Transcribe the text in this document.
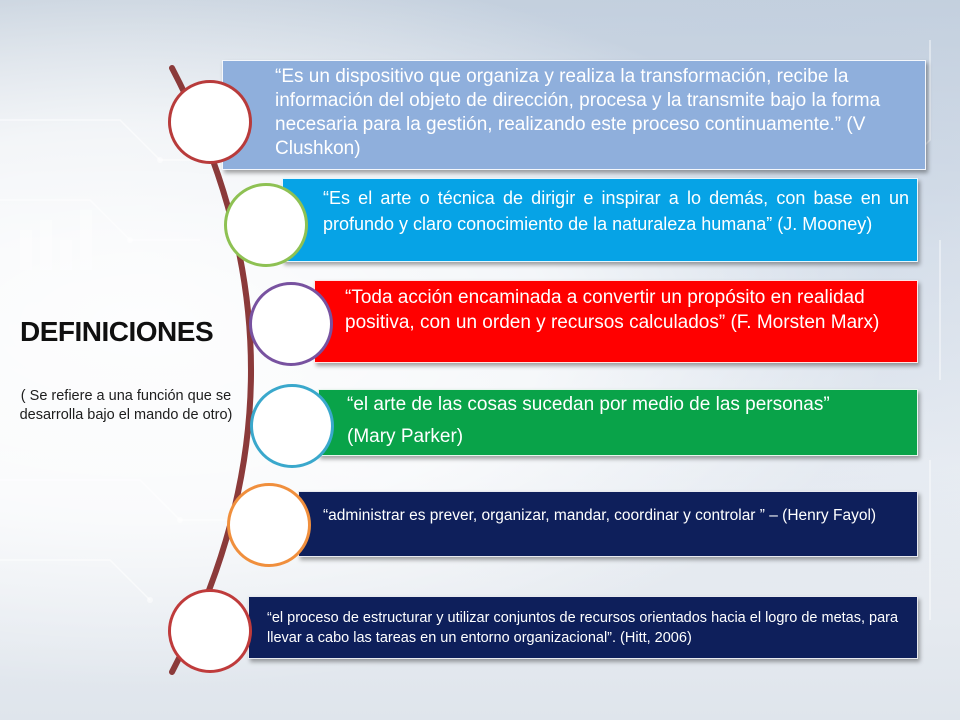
DEFINICIONES
( Se refiere a una función que se desarrolla bajo el mando de otro)

“Es un dispositivo que organiza y realiza la transformación, recibe la información del objeto de dirección, procesa y la transmite bajo la forma necesaria para la gestión, realizando este proceso continuamente.” (V Clushkon)

“Es el arte o técnica de dirigir e inspirar a lo demás, con base en un profundo y claro conocimiento de la naturaleza humana” (J. Mooney)

“Toda acción encaminada a convertir un propósito en realidad positiva, con un orden y recursos calculados” (F. Morsten Marx)

“el arte de las cosas sucedan por medio de las personas”

(Mary Parker)

“administrar es prever, organizar, mandar, coordinar y controlar ” – (Henry Fayol)

“el proceso de estructurar y utilizar conjuntos de recursos orientados hacia el logro de metas, para llevar a cabo las tareas en un entorno organizacional”. (Hitt, 2006)
